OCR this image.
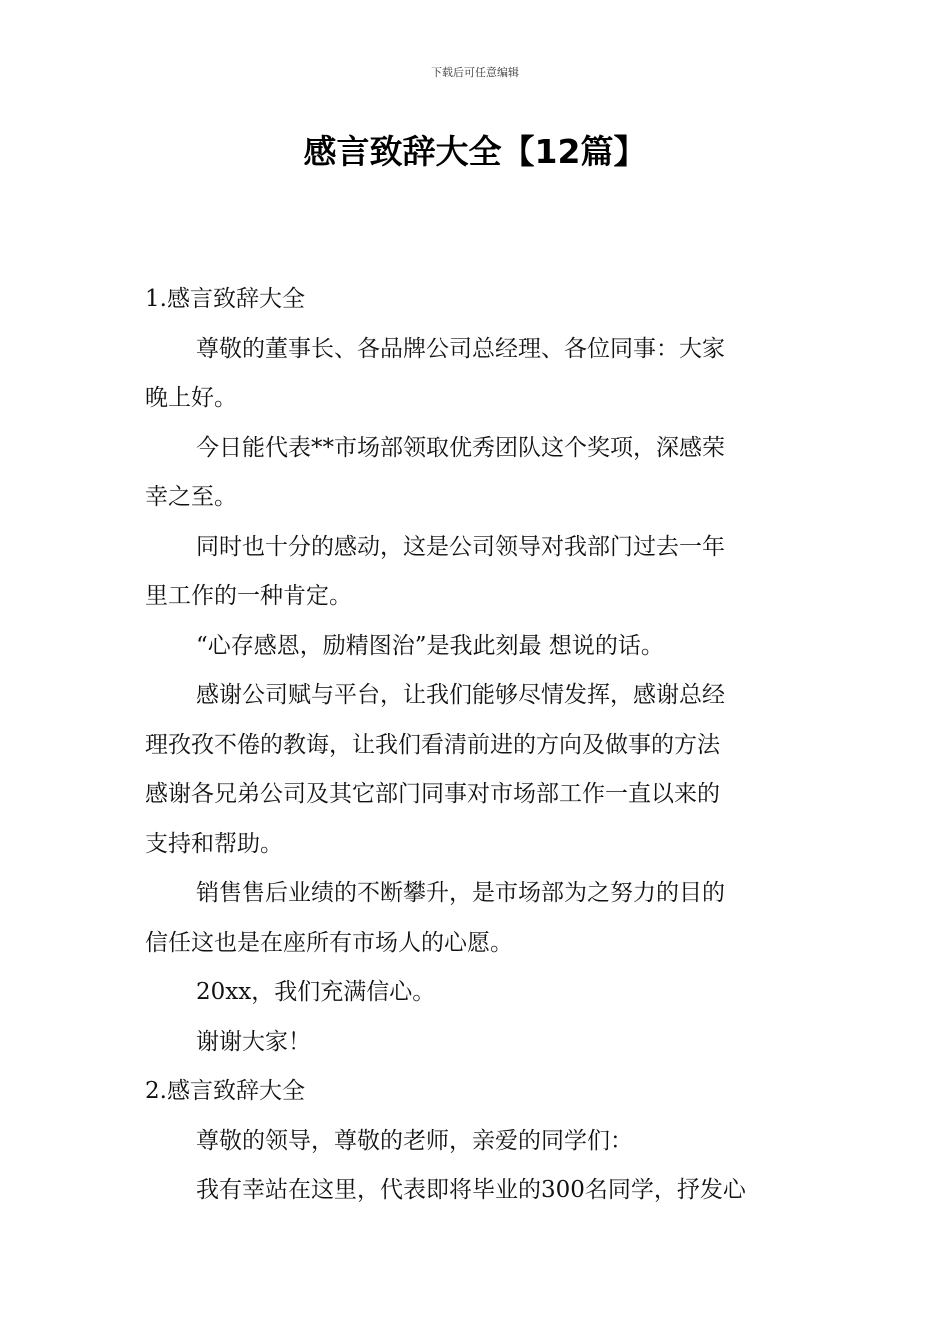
下载后可任意编辑
感言致辞大全【12篇】
1.感言致辞大全
尊敬的董事长、各品牌公司总经理、各位同事：大家
晚上好。
今日能代表**市场部领取优秀团队这个奖项，深感荣
幸之至。
同时也十分的感动，这是公司领导对我部门过去一年
里工作的一种肯定。
“心存感恩，励精图治”是我此刻最 想说的话。
感谢公司赋与平台，让我们能够尽情发挥，感谢总经
理孜孜不倦的教诲，让我们看清前进的方向及做事的方法
感谢各兄弟公司及其它部门同事对市场部工作一直以来的
支持和帮助。
销售售后业绩的不断攀升，是市场部为之努力的目的
信任这也是在座所有市场人的心愿。
20xx，我们充满信心。
谢谢大家！
2.感言致辞大全
尊敬的领导，尊敬的老师，亲爱的同学们：
我有幸站在这里，代表即将毕业的300名同学，抒发心
